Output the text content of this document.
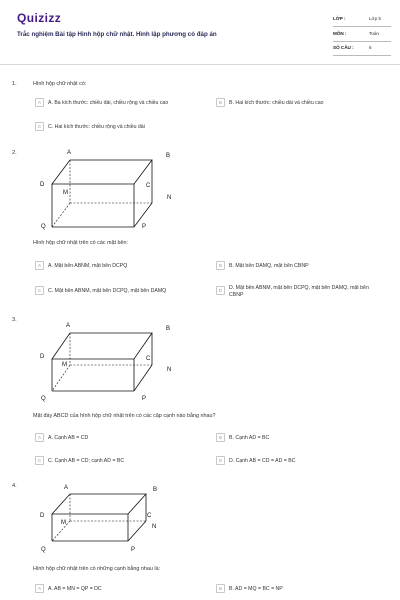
Quizizz
Trắc nghiệm Bài tập Hình hộp chữ nhật. Hình lập phương có đáp án
LỚP :	Lớp 5
MÔN :	Toán
SỐ CÂU :	6
1.	Hình hộp chữ nhật có:
A	A. Ba kích thước: chiều dài, chiều rộng và chiều cao	B	B. Hai kích thước: chiều dài và chiều cao
C	C. Hai kích thước: chiều rộng và chiều dài
2.	A	B
C
D
M
N
P
Q
Hình hộp chữ nhật trên có các mặt bên:
A	A. Mặt bên ABNM, mặt bên DCPQ	B	B. Mặt bên DAMQ, mặt bên CBNP
C	C. Mặt bên ABNM, mặt bên DCPQ, mặt bên DAMQ	D	D. Mặt bên ABNM, mặt bên DCPQ, mặt bên DAMQ, mặt bên CBNP
3.
A	B
C
D
M
N
P
Q
Mặt đáy ABCD của hình hộp chữ nhật trên có các cặp cạnh nào bằng nhau?
A	A. Cạnh AB = CD	B	B. Cạnh AD = BC
C	C. Cạnh AB = CD; cạnh AD = BC	D	D. Cạnh AB = CD = AD = BC
4.	A	B
C
D
M
N
P
Q
Hình hộp chữ nhật trên có những cạnh bằng nhau là:
A	A. AB = MN = QP = DC	B	B. AD = MQ = BC = NP
